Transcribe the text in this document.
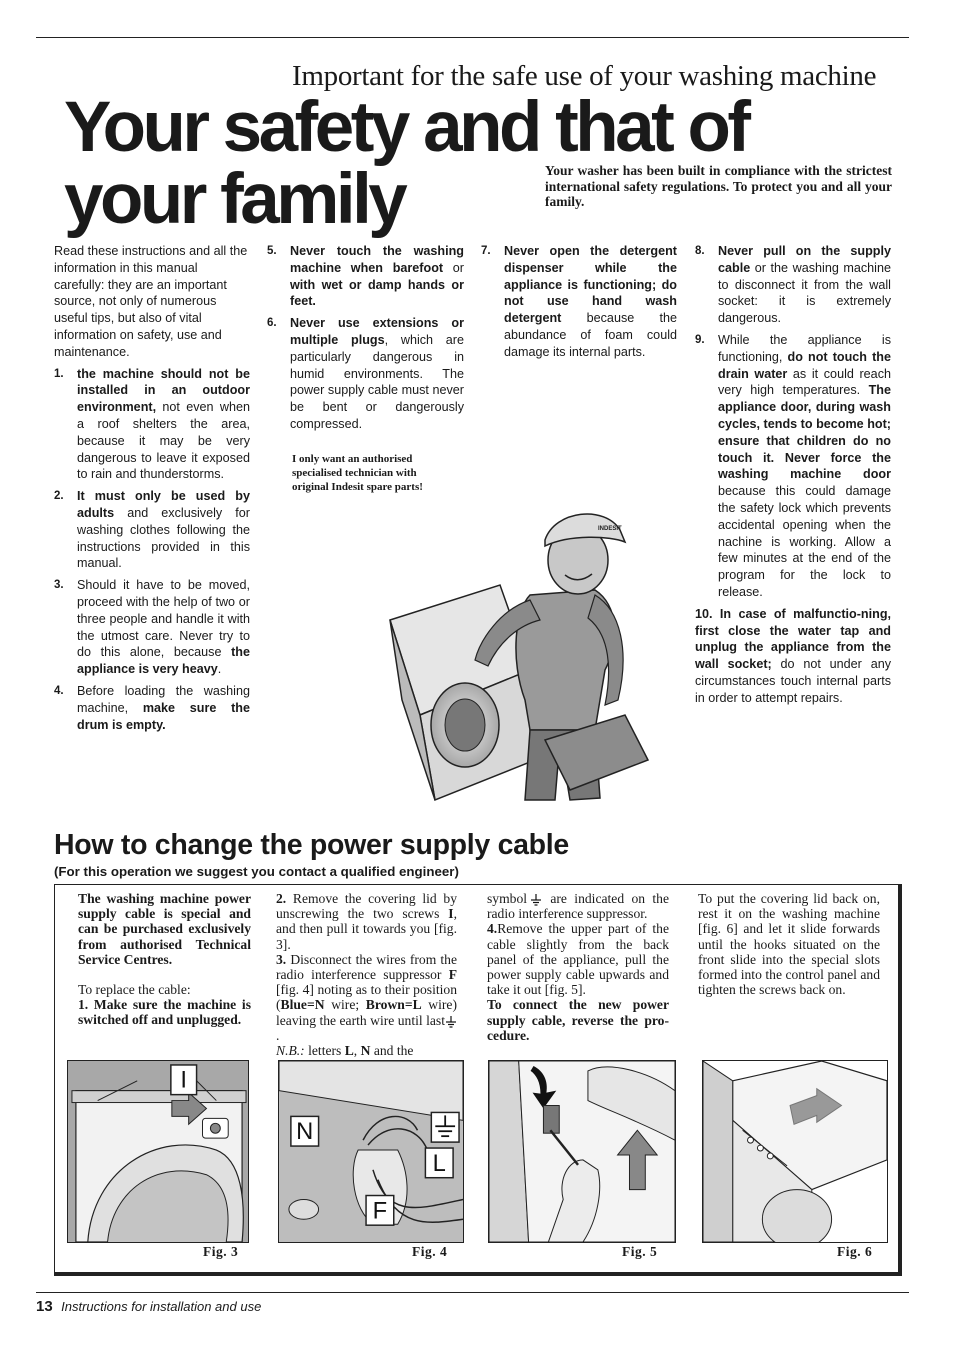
Important for the safe use of your washing machine
Your safety and that of
your family	Your washer has been built in compliance with the strictest international safety regulations. To protect you and all your family.

Read these instructions and all the information in this manual carefully: they are an important source, not only of numerous useful tips, but also of vital information on safety, use and maintenance.

1. the machine should not be installed in an outdoor environment, not even when a roof shelters the area, because it may be very dangerous to leave it exposed to rain and thunderstorms.
2. It must only be used by adults and exclusively for washing clothes following the instructions provided in this manual.
3. Should it have to be moved, proceed with the help of two or three people and handle it with the utmost care. Never try to do this alone, because the appliance is very heavy.
4. Before loading the washing machine, make sure the drum is empty.
5. Never touch the washing machine when barefoot or with wet or damp hands or feet.
6. Never use extensions or multiple plugs, which are particularly dangerous in humid environments. The power supply cable must never be bent or dangerously compressed.
I only want an authorised specialised technician with original Indesit spare parts!
7. Never open the detergent dispenser while the appliance is functioning; do not use hand wash detergent because the abundance of foam could damage its internal parts.
8. Never pull on the supply cable or the washing machine to disconnect it from the wall socket: it is extremely dangerous.
9. While the appliance is functioning, do not touch the drain water as it could reach very high temperatures. The appliance door, during wash cycles, tends to become hot; ensure that children do no touch it. Never force the washing machine door because this could damage the safety lock which prevents accidental opening when the nachine is working. Allow a few minutes at the end of the program for the lock to release.
10. In case of malfunctio-ning, first close the water tap and unplug the appliance from the wall socket; do not under any circumstances touch internal parts in order to attempt repairs.
INDESIT
How to change the power supply cable
(For this operation we suggest you contact a qualified engineer)
The washing machine power supply cable is special and can be purchased exclusively from authorised Technical Service Centres.
To replace the cable:
1. Make sure the machine is switched off and unplugged.
2. Remove the covering lid by unscrewing the two screws I, and then pull it towards you [fig. 3].
3. Disconnect the wires from the radio interference suppressor F [fig. 4] noting as to their position (Blue=N wire; Brown=L wire) leaving the earth wire until last.
N.B.: letters L, N and the
symbol are indicated on the radio interference suppressor.
4.Remove the upper part of the cable slightly from the back panel of the appliance, pull the power supply cable upwards and take it out [fig. 5].
To connect the new power supply cable, reverse the pro-cedure.
To put the covering lid back on, rest it on the washing machine [fig. 6] and let it slide forwards until the hooks situated on the front slide into the special slots formed into the control panel and tighten the screws back on.
I
N
L
F
Fig. 3	Fig. 4	Fig. 5	Fig. 6
13 Instructions for installation and use
